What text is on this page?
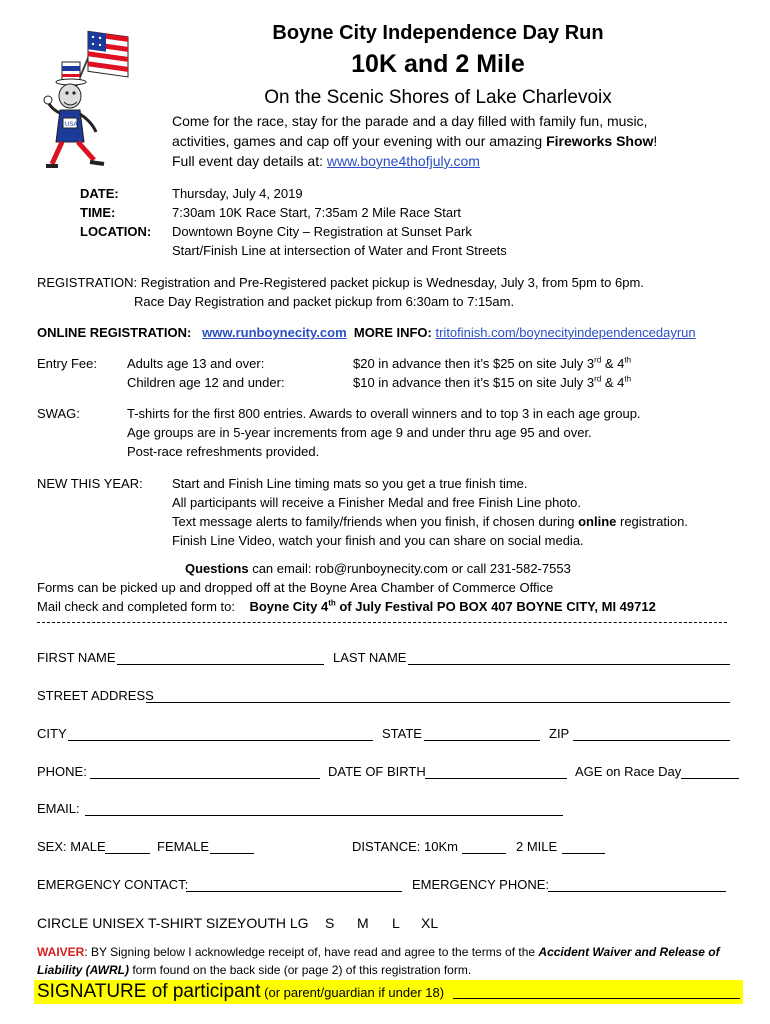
USA
Boyne City Independence Day Run
10K and 2 Mile
On the Scenic Shores of Lake Charlevoix
Come for the race, stay for the parade and a day filled with family fun, music,
activities, games and cap off your evening with our amazing Fireworks Show!
Full event day details at: www.boyne4thofjuly.com
DATE:	Thursday, July 4, 2019
TIME:	7:30am 10K Race Start, 7:35am 2 Mile Race Start
LOCATION: Downtown Boyne City – Registration at Sunset Park
Start/Finish Line at intersection of Water and Front Streets
REGISTRATION: Registration and Pre-Registered packet pickup is Wednesday, July 3, from 5pm to 6pm.
Race Day Registration and packet pickup from 6:30am to 7:15am.
ONLINE REGISTRATION: www.runboynecity.com MORE INFO: tritofinish.com/boynecityindependencedayrun
Entry Fee: Adults age 13 and over:	$20 in advance then it’s $25 on site July 3rd & 4th
Children age 12 and under:	$10 in advance then it’s $15 on site July 3rd & 4th
SWAG:	T-shirts for the first 800 entries. Awards to overall winners and to top 3 in each age group.
Age groups are in 5-year increments from age 9 and under thru age 95 and over.
Post-race refreshments provided.
NEW THIS YEAR: Start and Finish Line timing mats so you get a true finish time.
All participants will receive a Finisher Medal and free Finish Line photo.
Text message alerts to family/friends when you finish, if chosen during online registration.
Finish Line Video, watch your finish and you can share on social media.
Questions can email: rob@runboynecity.com or call 231-582-7553
Forms can be picked up and dropped off at the Boyne Area Chamber of Commerce Office
Mail check and completed form to: Boyne City 4th of July Festival PO BOX 407 BOYNE CITY, MI 49712
FIRST NAME	LAST NAME
STREET ADDRESS
CITY	STATE	ZIP
PHONE:	DATE OF BIRTH	AGE on Race Day
EMAIL:
SEX: MALE	FEMALE	DISTANCE: 10Km	2 MILE
EMERGENCY CONTACT:	EMERGENCY PHONE:
CIRCLE UNISEX T-SHIRT SIZE:
YOUTH LG S M L XL
WAIVER: BY Signing below I acknowledge receipt of, have read and agree to the terms of the Accident Waiver and Release of
Liability (AWRL) form found on the back side (or page 2) of this registration form.
SIGNATURE of participant (or parent/guardian if under 18)
